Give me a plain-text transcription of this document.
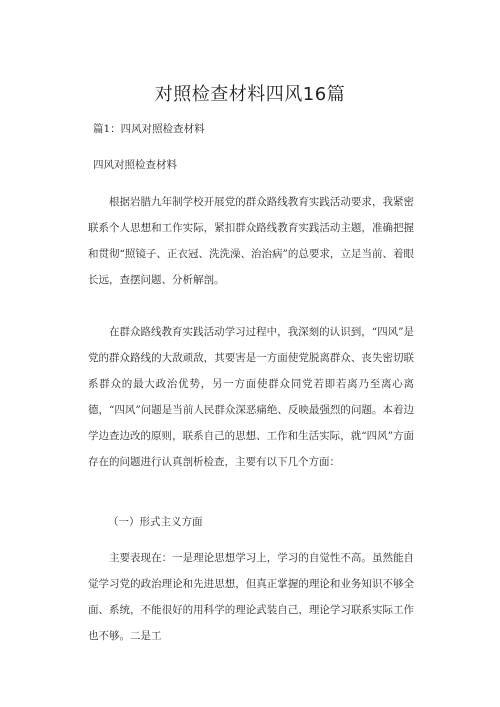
对照检查材料四风16篇
篇1：四风对照检查材料
四风对照检查材料

根据岩腊九年制学校开展党的群众路线教育实践活动要求，我紧密联系个人思想和工作实际，紧扣群众路线教育实践活动主题，准确把握和贯彻“照镜子、正衣冠、洗洗澡、治治病”的总要求，立足当前、着眼长远，查摆问题、分析解剖。

在群众路线教育实践活动学习过程中，我深刻的认识到，“四风”是党的群众路线的大敌顽敌，其要害是一方面使党脱离群众、丧失密切联系群众的最大政治优势，另一方面使群众同党若即若离乃至离心离德，“四风”问题是当前人民群众深恶痛绝、反映最强烈的问题。本着边学边查边改的原则，联系自己的思想、工作和生活实际，就“四风”方面存在的问题进行认真剖析检查，主要有以下几个方面：

（一）形式主义方面

主要表现在：一是理论思想学习上，学习的自觉性不高。虽然能自觉学习党的政治理论和先进思想，但真正掌握的理论和业务知识不够全面、系统，不能很好的用科学的理论武装自己，理论学习联系实际工作也不够。二是工
